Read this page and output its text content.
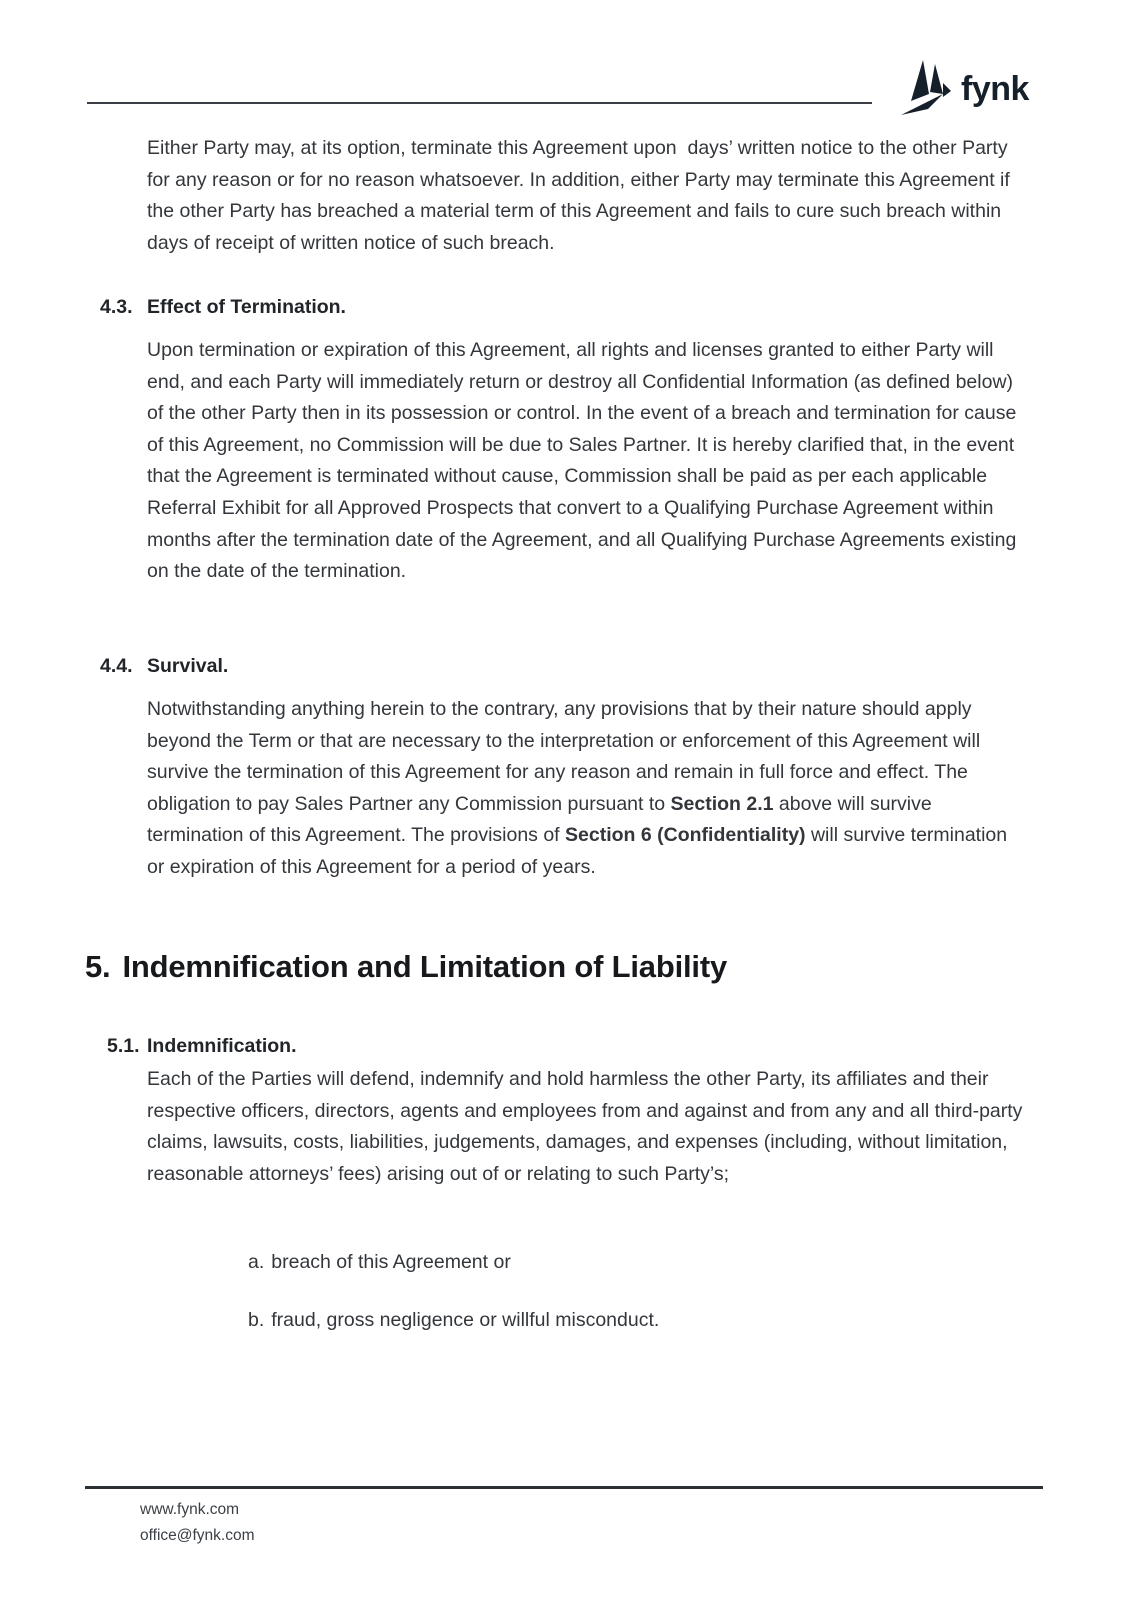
fynk
Either Party may, at its option, terminate this Agreement upon  days’ written notice to the other Party for any reason or for no reason whatsoever. In addition, either Party may terminate this Agreement if the other Party has breached a material term of this Agreement and fails to cure such breach within days of receipt of written notice of such breach.
4.3. Effect of Termination.
Upon termination or expiration of this Agreement, all rights and licenses granted to either Party will end, and each Party will immediately return or destroy all Confidential Information (as defined below) of the other Party then in its possession or control. In the event of a breach and termination for cause of this Agreement, no Commission will be due to Sales Partner. It is hereby clarified that, in the event that the Agreement is terminated without cause, Commission shall be paid as per each applicable Referral Exhibit for all Approved Prospects that convert to a Qualifying Purchase Agreement within  months after the termination date of the Agreement, and all Qualifying Purchase Agreements existing on the date of the termination.
4.4. Survival.
Notwithstanding anything herein to the contrary, any provisions that by their nature should apply beyond the Term or that are necessary to the interpretation or enforcement of this Agreement will survive the termination of this Agreement for any reason and remain in full force and effect. The obligation to pay Sales Partner any Commission pursuant to Section 2.1 above will survive termination of this Agreement. The provisions of Section 6 (Confidentiality) will survive termination or expiration of this Agreement for a period of years.
5. Indemnification and Limitation of Liability
5.1. Indemnification.
Each of the Parties will defend, indemnify and hold harmless the other Party, its affiliates and their respective officers, directors, agents and employees from and against and from any and all third-party claims, lawsuits, costs, liabilities, judgements, damages, and expenses (including, without limitation, reasonable attorneys’ fees) arising out of or relating to such Party’s;
a. breach of this Agreement or
b. fraud, gross negligence or willful misconduct.
www.fynk.com
office@fynk.com
